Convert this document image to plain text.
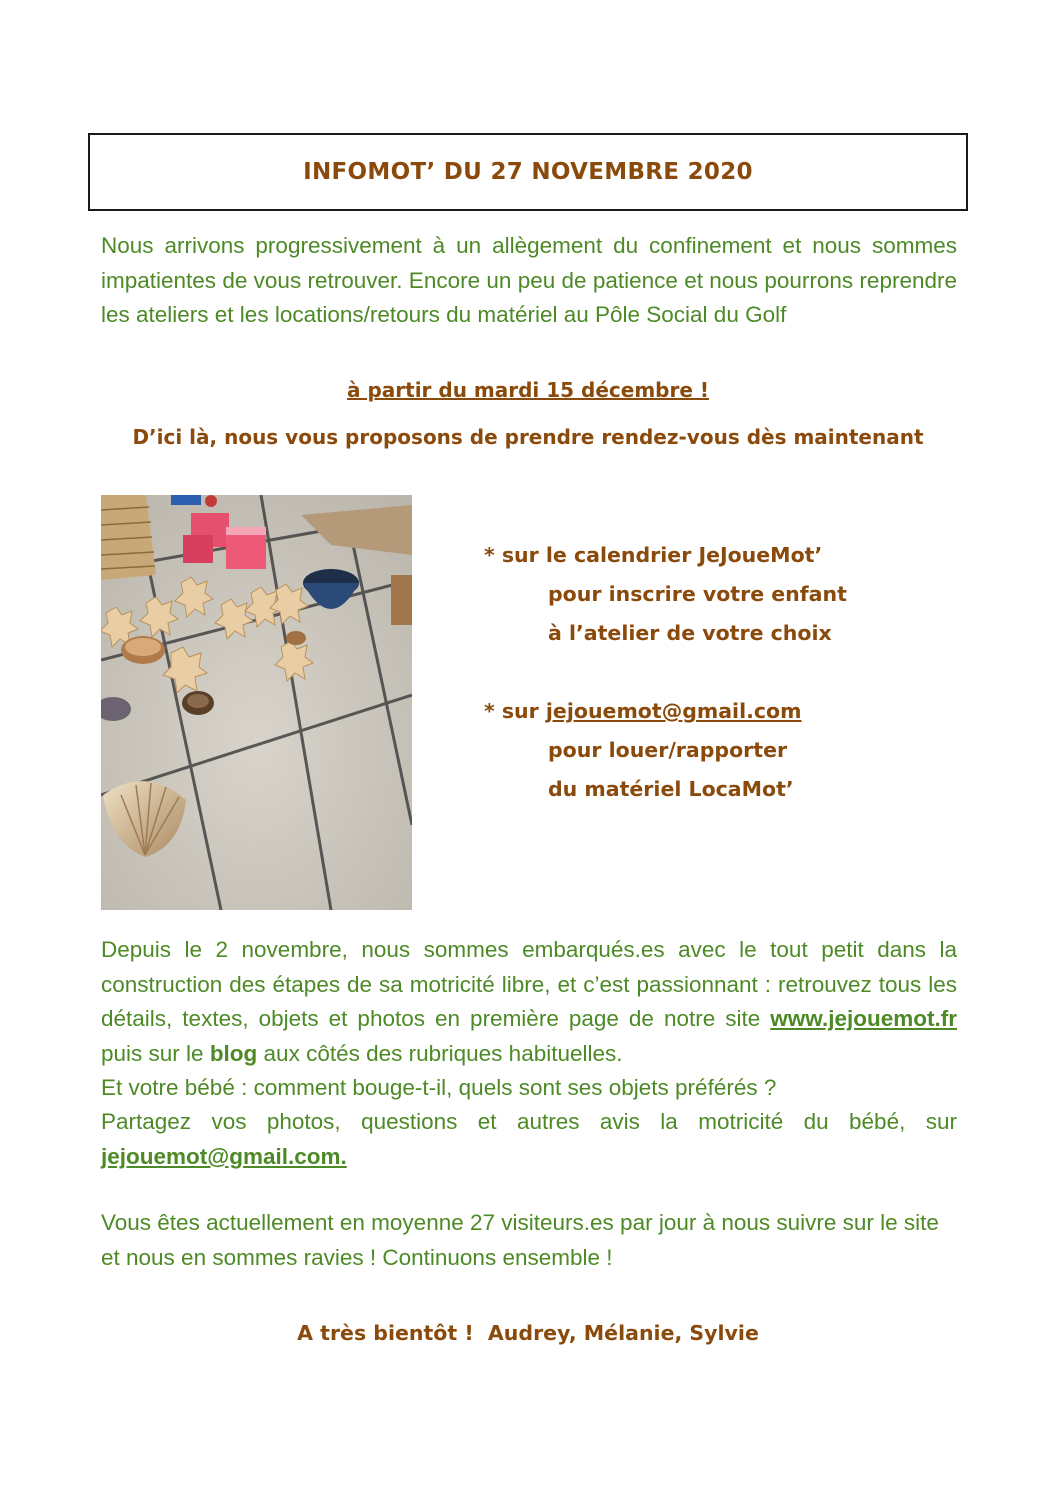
INFOMOT’ DU 27 NOVEMBRE 2020
Nous arrivons progressivement à un allègement du confinement et nous sommes impatientes de vous retrouver. Encore un peu de patience et nous pourrons reprendre les ateliers et les locations/retours du matériel au Pôle Social du Golf
à partir du mardi 15 décembre !
D’ici là, nous vous proposons de prendre rendez-vous dès maintenant
* sur le calendrier JeJoueMot’
pour inscrire votre enfant
à l’atelier de votre choix
* sur jejouemot@gmail.com
pour louer/rapporter
du matériel LocaMot’
Depuis le 2 novembre, nous sommes embarqués.es avec le tout petit dans la construction des étapes de sa motricité libre, et c’est passionnant : retrouvez tous les détails, textes, objets et photos en première page de notre site www.jejouemot.fr puis sur le blog aux côtés des rubriques habituelles.
Et votre bébé : comment bouge-t-il, quels sont ses objets préférés ?
Partagez vos photos, questions et autres avis la motricité du bébé, sur
jejouemot@gmail.com.
Vous êtes actuellement en moyenne 27 visiteurs.es par jour à nous suivre sur le site et nous en sommes ravies ! Continuons ensemble !
A très bientôt !  Audrey, Mélanie, Sylvie
